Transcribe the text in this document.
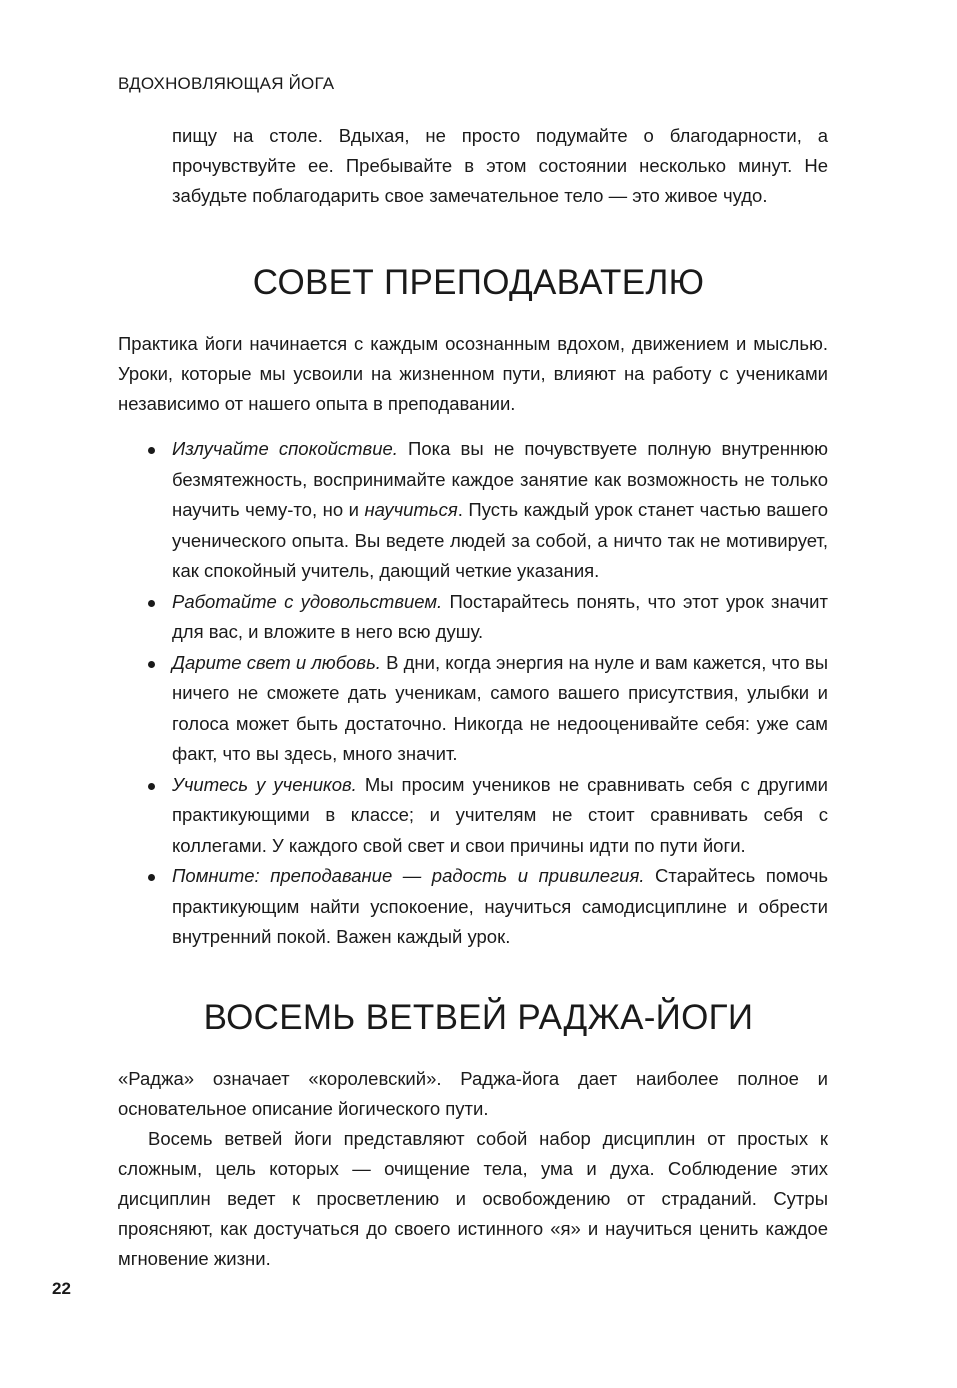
ВДОХНОВЛЯЮЩАЯ ЙОГА

пищу на столе. Вдыхая, не просто подумайте о благодарности, а прочувствуйте ее. Пребывайте в этом состоянии несколько минут. Не забудьте поблагодарить свое замечательное тело — это живое чудо.

СОВЕТ ПРЕПОДАВАТЕЛЮ

Практика йоги начинается с каждым осознанным вдохом, движением и мыслью. Уроки, которые мы усвоили на жизненном пути, влияют на работу с учениками независимо от нашего опыта в преподавании.

Излучайте спокойствие. Пока вы не почувствуете полную внутреннюю безмятежность, воспринимайте каждое занятие как возможность не только научить чему-то, но и научиться. Пусть каждый урок станет частью вашего ученического опыта. Вы ведете людей за собой, а ничто так не мотивирует, как спокойный учитель, дающий четкие указания.
Работайте с удовольствием. Постарайтесь понять, что этот урок значит для вас, и вложите в него всю душу.
Дарите свет и любовь. В дни, когда энергия на нуле и вам кажется, что вы ничего не сможете дать ученикам, самого вашего присутствия, улыбки и голоса может быть достаточно. Никогда не недооценивайте себя: уже сам факт, что вы здесь, много значит.
Учитесь у учеников. Мы просим учеников не сравнивать себя с другими практикующими в классе; и учителям не стоит сравнивать себя с коллегами. У каждого свой свет и свои причины идти по пути йоги.
Помните: преподавание — радость и привилегия. Старайтесь помочь практикующим найти успокоение, научиться самодисциплине и обрести внутренний покой. Важен каждый урок.
ВОСЕМЬ ВЕТВЕЙ РАДЖА-ЙОГИ

«Раджа» означает «королевский». Раджа-йога дает наиболее полное и основательное описание йогического пути.

Восемь ветвей йоги представляют собой набор дисциплин от простых к сложным, цель которых — очищение тела, ума и духа. Соблюдение этих дисциплин ведет к просветлению и освобождению от страданий. Сутры проясняют, как достучаться до своего истинного «я» и научиться ценить каждое мгновение жизни.

22
